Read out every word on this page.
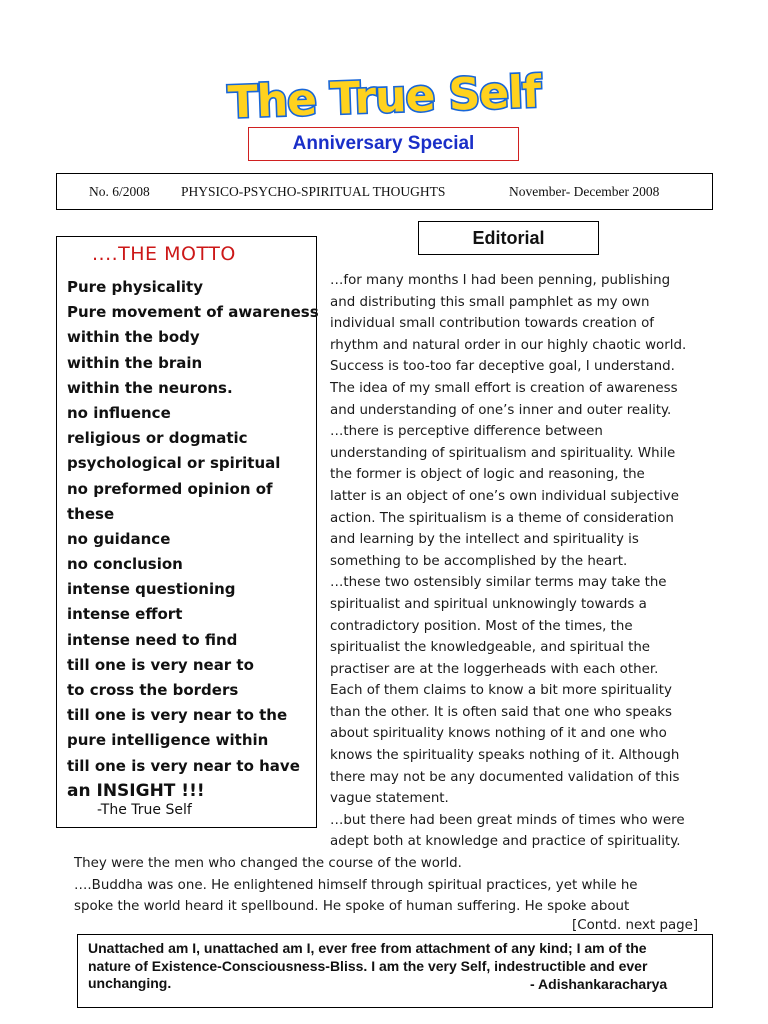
The True Self
Anniversary Special
No. 6/2008 PHYSICO-PSYCHO-SPIRITUAL THOUGHTS	November- December 2008
....THE MOTTO
Pure physicality
Pure movement of awareness
within the body
within the brain
within the neurons.
no influence
religious or dogmatic
psychological or spiritual
no preformed opinion of
these
no guidance
no conclusion
intense questioning
intense effort
intense need to find
till one is very near to
to cross the borders
till one is very near to the
pure intelligence within
till one is very near to have
an INSIGHT !!!
-The True Self
Editorial
…for many months I had been penning, publishing
and distributing this small pamphlet as my own
individual small contribution towards creation of
rhythm and natural order in our highly chaotic world.
Success is too-too far deceptive goal, I understand.
The idea of my small effort is creation of awareness
and understanding of one’s inner and outer reality.
…there is perceptive difference between
understanding of spiritualism and spirituality. While
the former is object of logic and reasoning, the
latter is an object of one’s own individual subjective
action. The spiritualism is a theme of consideration
and learning by the intellect and spirituality is
something to be accomplished by the heart.
…these two ostensibly similar terms may take the
spiritualist and spiritual unknowingly towards a
contradictory position. Most of the times, the
spiritualist the knowledgeable, and spiritual the
practiser are at the loggerheads with each other.
Each of them claims to know a bit more spirituality
than the other. It is often said that one who speaks
about spirituality knows nothing of it and one who
knows the spirituality speaks nothing of it. Although
there may not be any documented validation of this
vague statement.
…but there had been great minds of times who were
adept both at knowledge and practice of spirituality.
They were the men who changed the course of the world.
….Buddha was one. He enlightened himself through spiritual practices, yet while he
spoke the world heard it spellbound. He spoke of human suffering. He spoke about
[Contd. next page]
Unattached am I, unattached am I, ever free from attachment of any kind; I am of the
nature of Existence-Consciousness-Bliss. I am the very Self, indestructible and ever
unchanging.	- Adishankaracharya
